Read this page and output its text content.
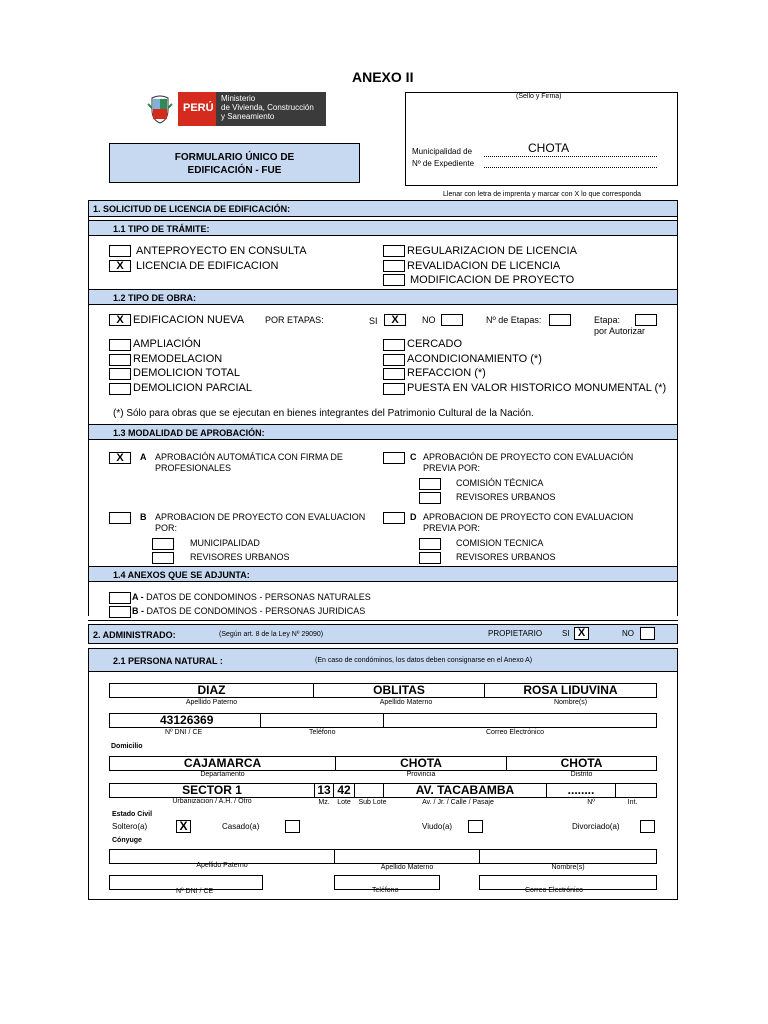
ANEXO II
PERÚ
Ministerio
de Vivienda, Construcción
y Saneamiento
FORMULARIO ÚNICO DE
EDIFICACIÓN - FUE
(Sello y Firma)
Municipalidad de	CHOTA
Nº de Expediente
Llenar con letra de imprenta y marcar con X lo que corresponda
1. SOLICITUD DE LICENCIA DE EDIFICACIÓN:
1.1 TIPO DE TRÁMITE:
ANTEPROYECTO EN CONSULTA
X	LICENCIA DE EDIFICACION
REGULARIZACION DE LICENCIA
REVALIDACION DE LICENCIA
MODIFICACION DE PROYECTO
1.2 TIPO DE OBRA:
X EDIFICACION NUEVA POR ETAPAS:	SI	X	NO	Nº de Etapas:	Etapa:
por Autorizar
AMPLIACIÓN
REMODELACION
DEMOLICION TOTAL
DEMOLICION PARCIAL
CERCADO
ACONDICIONAMIENTO (*)
REFACCION (*)
PUESTA EN VALOR HISTORICO MONUMENTAL (*)
(*) Sólo para obras que se ejecutan en bienes integrantes del Patrimonio Cultural de la Nación.
1.3 MODALIDAD DE APROBACIÓN:
X	A APROBACIÓN AUTOMÁTICA CON FIRMA DE
PROFESIONALES
C APROBACIÓN DE PROYECTO CON EVALUACIÓN
PREVIA POR:
COMISIÓN TÉCNICA
REVISORES URBANOS
B APROBACION DE PROYECTO CON EVALUACION
POR:
MUNICIPALIDAD
REVISORES URBANOS
D APROBACION DE PROYECTO CON EVALUACION
PREVIA POR:
COMISION TECNICA
REVISORES URBANOS
1.4 ANEXOS QUE SE ADJUNTA:
A - DATOS DE CONDOMINOS - PERSONAS NATURALES
B - DATOS DE CONDOMINOS - PERSONAS JURIDICAS
2. ADMINISTRADO:	(Según art. 8 de la Ley Nº 29090)	PROPIETARIO SI X	NO
2.1 PERSONA NATURAL :	(En caso de condóminos, los datos deben consignarse en el Anexo A)
DIAZ	OBLITAS	ROSA LIDUVINA
Apellido Paterno	Apellido Materno	Nombre(s)
43126369
Nº DNI / CE	Teléfono	Correo Electrónico
Domicilio
CAJAMARCA	CHOTA	CHOTA
Departamento	Provincia	Distrito
SECTOR 1	13 42	AV. TACABAMBA	........
Urbanizacion / A.H. / Otro	Mz.	Lote	Sub Lote	Av. / Jr. / Calle / Pasaje	Nº	Int.
Estado Civil
Soltero(a)	X	Casado(a)	Viudo(a)	Divorciado(a)
Cónyuge
Apellido Paterno	Apellido Materno	Nombre(s)
Nº DNI / CE	Teléfono	Correo Electrónico
